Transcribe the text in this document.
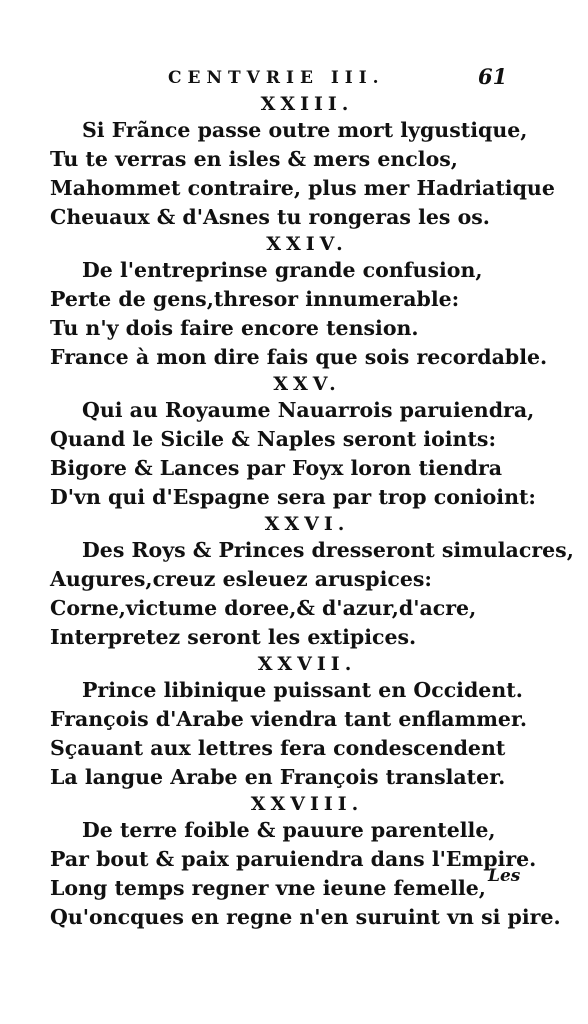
CENTVRIE III.	61
XXIII.
Si Frãnce passe outre mort lygustique,
Tu te verras en isles & mers enclos,
Mahommet contraire, plus mer Hadriatique
Cheuaux & d'Asnes tu rongeras les os.
XXIV.
De l'entreprinse grande confusion,
Perte de gens,thresor innumerable:
Tu n'y dois faire encore tension.
France à mon dire fais que sois recordable.
XXV.
Qui au Royaume Nauarrois paruiendra,
Quand le Sicile & Naples seront ioints:
Bigore & Lances par Foyx loron tiendra
D'vn qui d'Espagne sera par trop conioint:
XXVI.
Des Roys & Princes dresseront simulacres,
Augures,creuz esleuez aruspices:
Corne,victume doree,& d'azur,d'acre,
Interpretez seront les extipices.
XXVII.
Prince libinique puissant en Occident.
François d'Arabe viendra tant enflammer.
Sçauant aux lettres fera condescendent
La langue Arabe en François translater.
XXVIII.
De terre foible & pauure parentelle,
Par bout & paix paruiendra dans l'Empire.
Long temps regner vne ieune femelle,
Qu'oncques en regne n'en suruint vn si pire.
Les
